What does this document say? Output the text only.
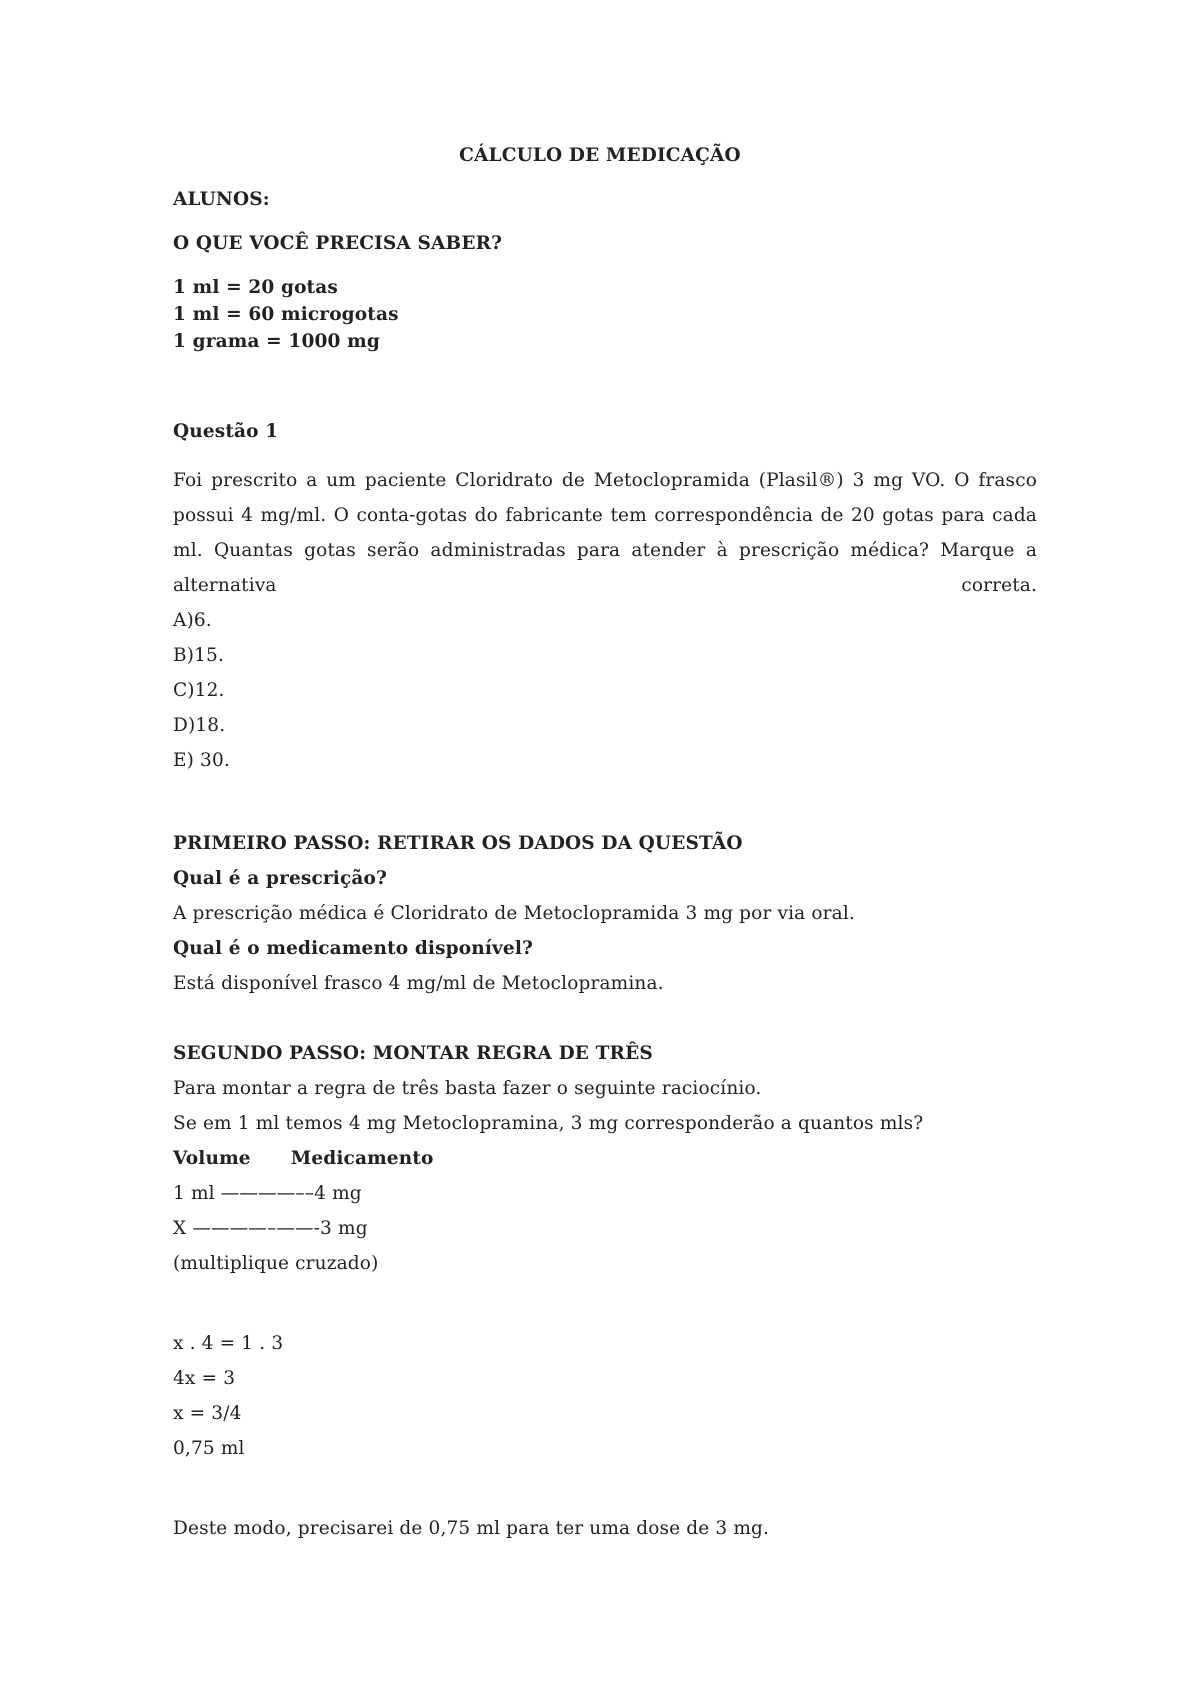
CÁLCULO DE MEDICAÇÃO

ALUNOS:

O QUE VOCÊ PRECISA SABER?

1 ml = 20 gotas

1 ml = 60 microgotas

1 grama = 1000 mg

Questão 1

Foi prescrito a um paciente Cloridrato de Metoclopramida (Plasil®) 3 mg VO. O frasco

possui 4 mg/ml. O conta-gotas do fabricante tem correspondência de 20 gotas para cada

ml. Quantas gotas serão administradas para atender à prescrição médica? Marque a

alternativa	correta.

A)6.

B)15.

C)12.

D)18.

E) 30.

PRIMEIRO PASSO: RETIRAR OS DADOS DA QUESTÃO

Qual é a prescrição?

A prescrição médica é Cloridrato de Metoclopramida 3 mg por via oral.

Qual é o medicamento disponível?

Está disponível frasco 4 mg/ml de Metoclopramina.

SEGUNDO PASSO: MONTAR REGRA DE TRÊS

Para montar a regra de três basta fazer o seguinte raciocínio.

Se em 1 ml temos 4 mg Metoclopramina, 3 mg corresponderão a quantos mls?

Volume Medicamento

1 ml ————––4 mg

X ————–——-3 mg

(multiplique cruzado)

x . 4 = 1 . 3

4x = 3

x = 3/4

0,75 ml

Deste modo, precisarei de 0,75 ml para ter uma dose de 3 mg.
